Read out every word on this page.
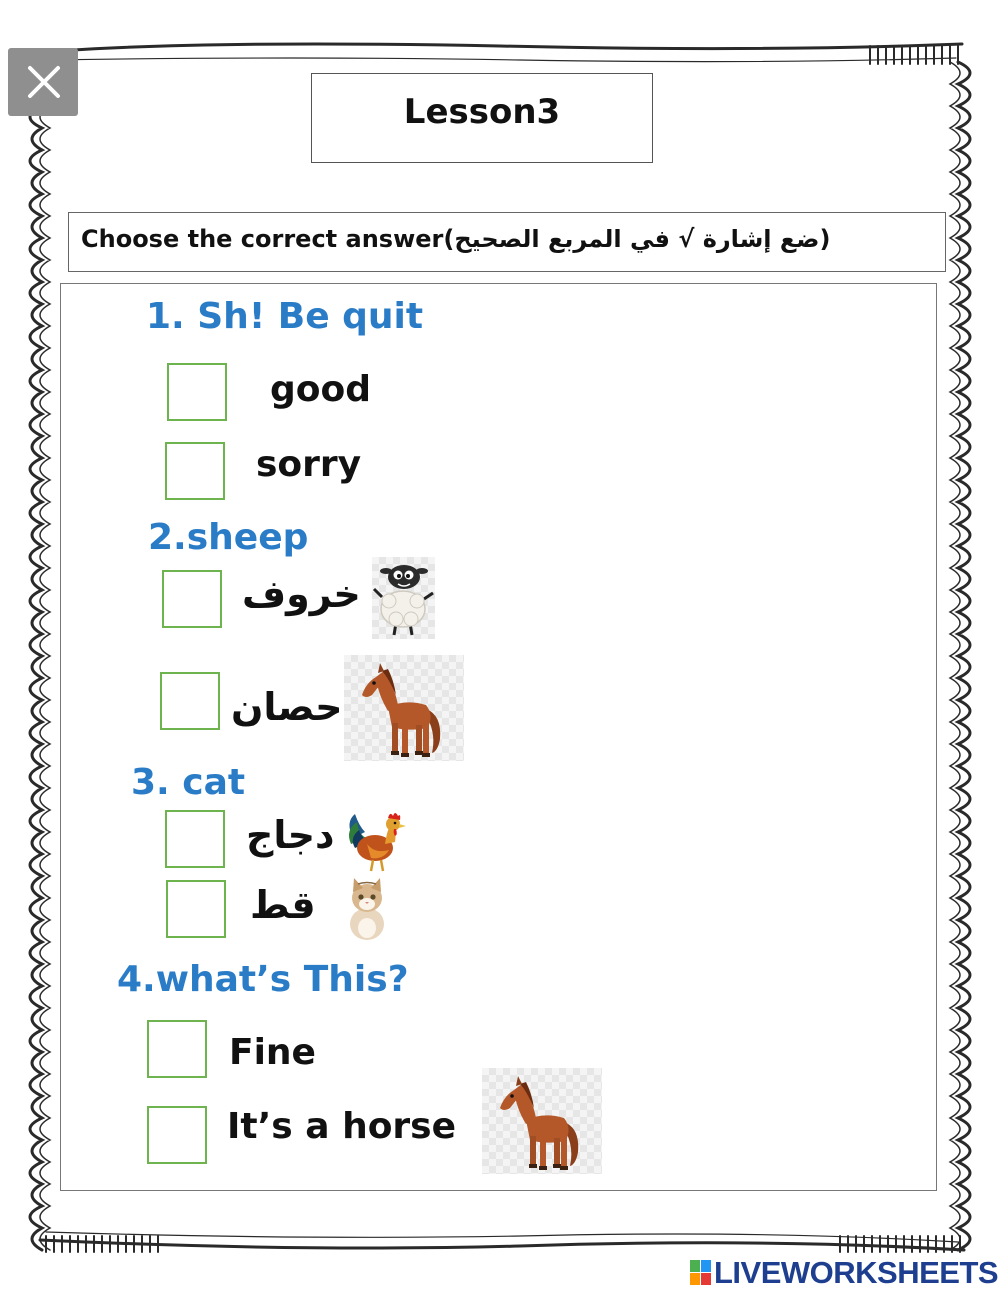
Lesson3
Choose the correct answer(ضع إشارة √ في المربع الصحيح)
1. Sh! Be quit
good
sorry
2.sheep
خروف
حصان
3. cat
دجاج
قط
4.what’s This?
Fine
It’s a horse
LIVEWORKSHEETS
